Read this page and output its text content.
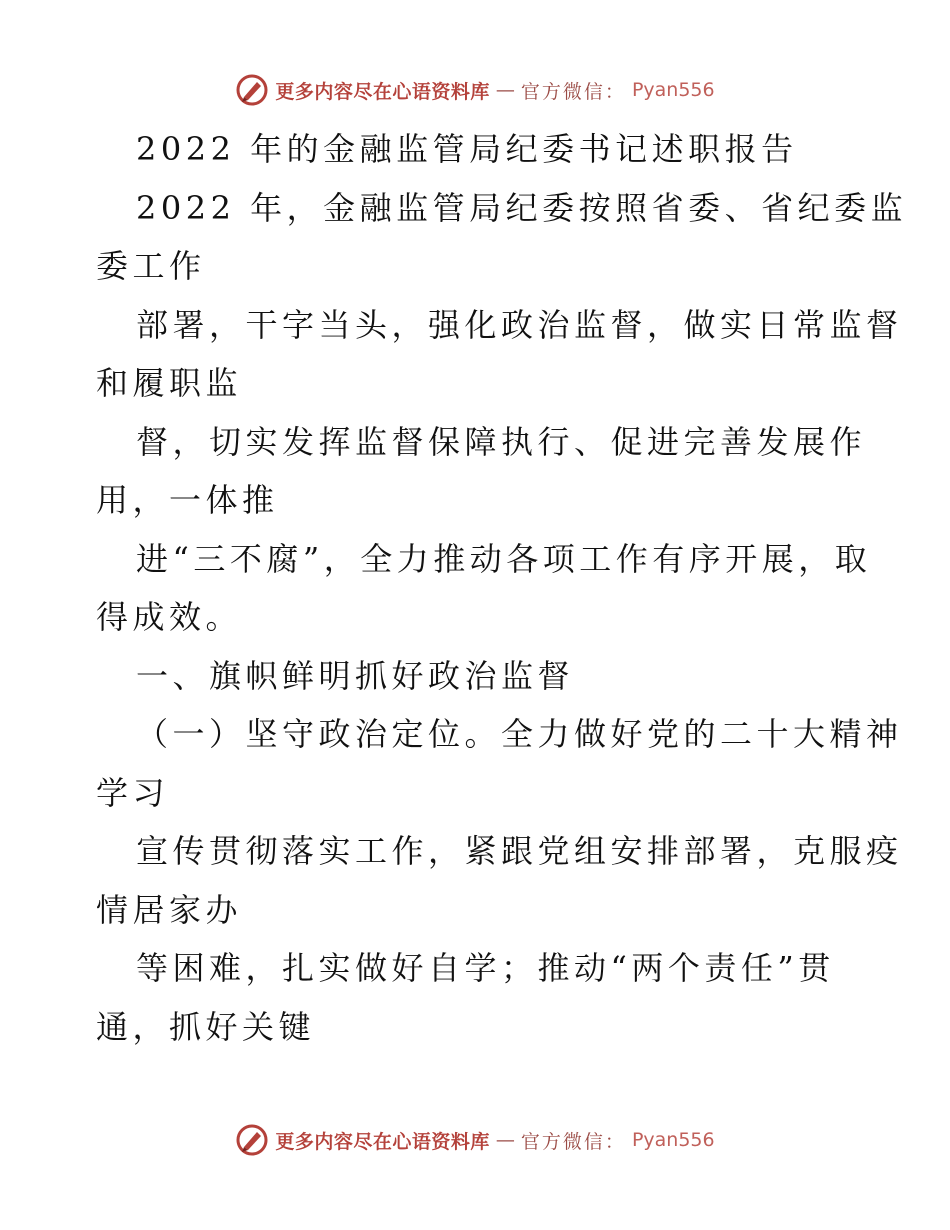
更多内容尽在心语资料库 — 官方微信： Pyan556
2022 年的金融监管局纪委书记述职报告
2022 年，金融监管局纪委按照省委、省纪委监
委工作
部署，干字当头，强化政治监督，做实日常监督
和履职监
督，切实发挥监督保障执行、促进完善发展作
用，一体推
进“三不腐”，全力推动各项工作有序开展，取
得成效。
一、旗帜鲜明抓好政治监督
（一）坚守政治定位。全力做好党的二十大精神
学习
宣传贯彻落实工作，紧跟党组安排部署，克服疫
情居家办
等困难，扎实做好自学；推动“两个责任”贯
通，抓好关键
更多内容尽在心语资料库 — 官方微信： Pyan556
